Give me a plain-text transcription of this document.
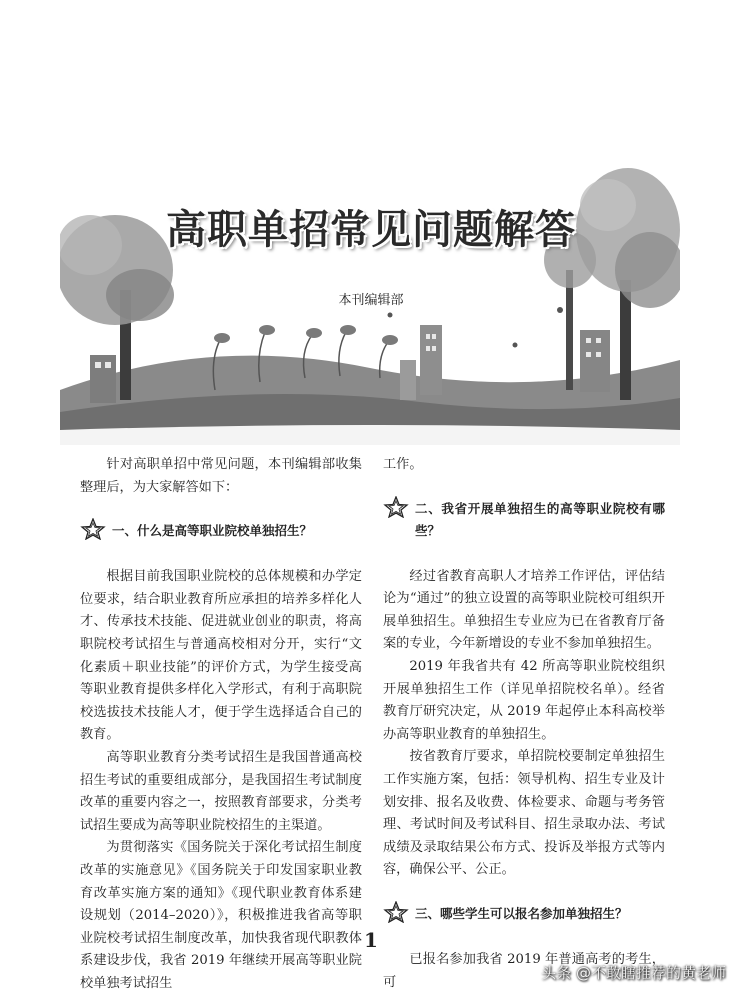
高职单招常见问题解答
本刊编辑部

针对高职单招中常见问题，本刊编辑部收集整理后，为大家解答如下：

一、什么是高等职业院校单独招生？

根据目前我国职业院校的总体规模和办学定位要求，结合职业教育所应承担的培养多样化人才、传承技术技能、促进就业创业的职责，将高职院校考试招生与普通高校相对分开，实行“文化素质＋职业技能”的评价方式，为学生接受高等职业教育提供多样化入学形式，有利于高职院校选拔技术技能人才，便于学生选择适合自己的教育。

高等职业教育分类考试招生是我国普通高校招生考试的重要组成部分，是我国招生考试制度改革的重要内容之一，按照教育部要求，分类考试招生要成为高等职业院校招生的主渠道。

为贯彻落实《国务院关于深化考试招生制度改革的实施意见》《国务院关于印发国家职业教育改革实施方案的通知》《现代职业教育体系建设规划（2014–2020）》，积极推进我省高等职业院校考试招生制度改革，加快我省现代职教体系建设步伐，我省 2019 年继续开展高等职业院校单独考试招生

工作。

二、我省开展单独招生的高等职业院校有哪些？

经过省教育高职人才培养工作评估，评估结论为“通过”的独立设置的高等职业院校可组织开展单独招生。单独招生专业应为已在省教育厅备案的专业，今年新增设的专业不参加单独招生。

2019 年我省共有 42 所高等职业院校组织开展单独招生工作（详见单招院校名单）。经省教育厅研究决定，从 2019 年起停止本科高校举办高等职业教育的单独招生。

按省教育厅要求，单招院校要制定单独招生工作实施方案，包括：领导机构、招生专业及计划安排、报名及收费、体检要求、命题与考务管理、考试时间及考试科目、招生录取办法、考试成绩及录取结果公布方式、投诉及举报方式等内容，确保公平、公正。

三、哪些学生可以报名参加单独招生？

已报名参加我省 2019 年普通高考的考生，可

1
头条 @不敢瞎推荐的黄老师
